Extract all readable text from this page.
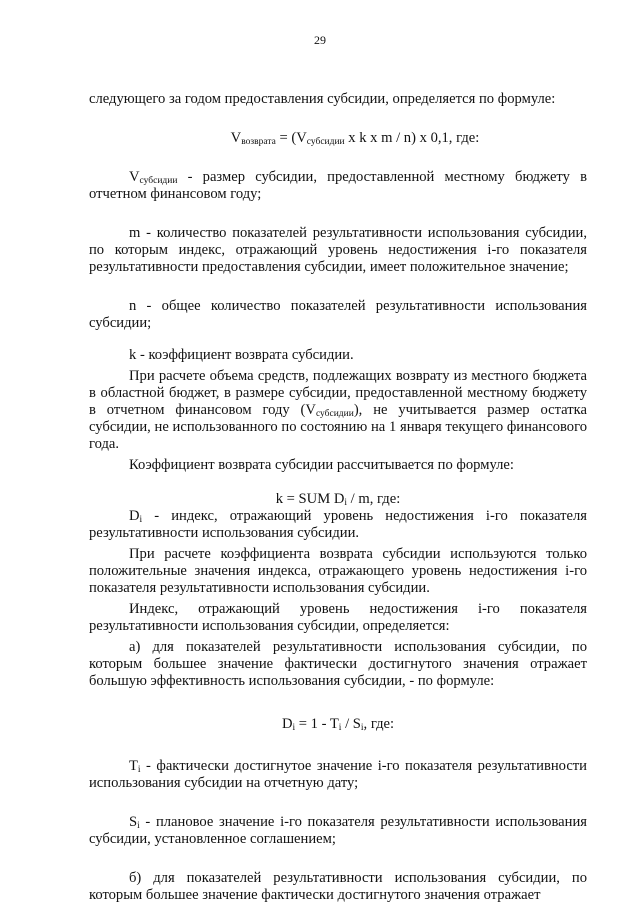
29

следующего за годом предоставления субсидии, определяется по формуле:

$V_{возврата} = (V_{субсидии}$ x k x m / n) x 0,1, где:

$V_{субсидии}$ - размер субсидии, предоставленной местному бюджету в отчетном финансовом году;

m - количество показателей результативности использования субсидии, по которым индекс, отражающий уровень недостижения i-го показателя результативности предоставления субсидии, имеет положительное значение;

n - общее количество показателей результативности использования субсидии;

k - коэффициент возврата субсидии.

При расчете объема средств, подлежащих возврату из местного бюджета в областной бюджет, в размере субсидии, предоставленной местному бюджету в отчетном финансовом году $(V_{субсидии})$, не учитывается размер остатка субсидии, не использованного по состоянию на 1 января текущего финансового года.

Коэффициент возврата субсидии рассчитывается по формуле:

k = SUM $D_i$ / m, где:

$D_i$ - индекс, отражающий уровень недостижения i-го показателя результативности использования субсидии.

При расчете коэффициента возврата субсидии используются только положительные значения индекса, отражающего уровень недостижения i-го показателя результативности использования субсидии.

Индекс, отражающий уровень недостижения i-го показателя результативности использования субсидии, определяется:

а) для показателей результативности использования субсидии, по которым большее значение фактически достигнутого значения отражает большую эффективность использования субсидии, - по формуле:

$D_i = 1 - T_i / S_i$, где:

$T_i$ - фактически достигнутое значение i-го показателя результативности использования субсидии на отчетную дату;

$S_i$ - плановое значение i-го показателя результативности использования субсидии, установленное соглашением;

б) для показателей результативности использования субсидии, по которым большее значение фактически достигнутого значения отражает
